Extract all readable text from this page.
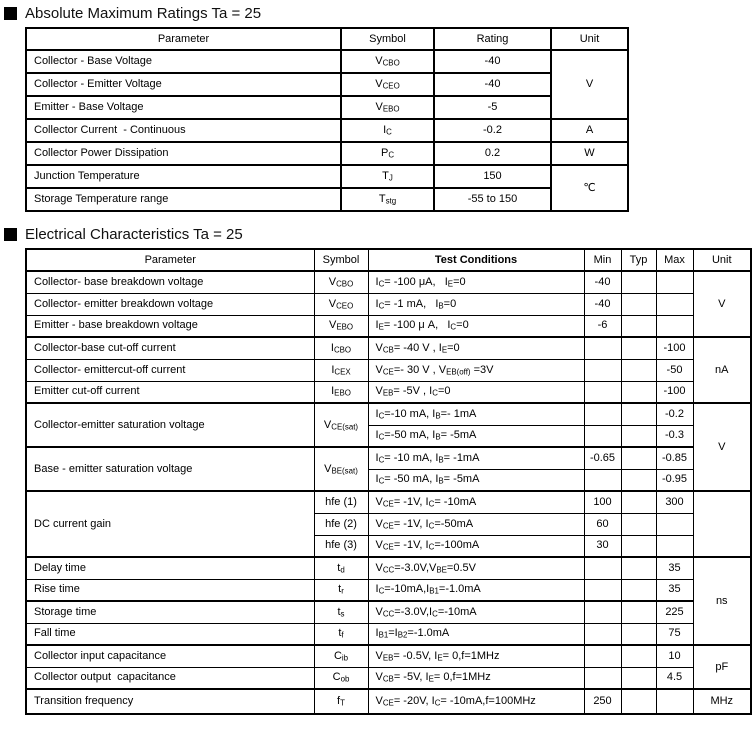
Absolute Maximum Ratings Ta = 25
Parameter	Symbol	Rating	Unit
Collector - Base Voltage	$V_{CBO}$	-40	V
Collector - Emitter Voltage	$V_{CEO}$	-40	
Emitter - Base Voltage	$V_{EBO}$	-5	
Collector Current  - Continuous	$I_C$	-0.2	A
Collector Power Dissipation	$P_C$	0.2	W
Junction Temperature	$T_J$	150	℃
Storage Temperature range	$T_{stg}$	-55 to 150	
Electrical Characteristics Ta = 25
Parameter	Symbol	Test Conditions	Min	Typ	Max	Unit
Collector- base breakdown voltage	$V_{CBO}$	$I_C= -100$ μA,   $I_E=0$	-40			V
Collector- emitter breakdown voltage	$V_{CEO}$	$I_C= -1$ mA,   $I_B=0$	-40			
Emitter - base breakdown voltage	$V_{EBO}$	$I_E= -100$ μ A,   $I_C=0$	-6			
Collector-base cut-off current	$I_{CBO}$	$V_{CB}= -40$ V , $I_E=0$			-100	nA
Collector- emittercut-off current	$I_{CEX}$	$V_{CE}=-$ 30 V , $V_{EB(off)} =3V$			-50	
Emitter cut-off current	$I_{EBO}$	$V_{EB}= -5V$ , $I_C=0$			-100	
Collector-emitter saturation voltage	$V_{CE(sat)}$	$I_C=-10$ mA, $I_B=-$ 1mA			-0.2	V
		$I_C=-50$ mA, $I_B= -5mA$			-0.3	
Base - emitter saturation voltage	$V_{BE(sat)}$	$I_C= -10$ mA, $I_B= -1mA$	-0.65		-0.85	
		$I_C= -50$ mA, $I_B= -5mA$			-0.95	
DC current gain	hfe (1)	$V_{CE}= -1V$, $I_C= -10mA$	100		300	
	hfe (2)	$V_{CE}= -1V$, $I_C=-50mA$	60			
	hfe (3)	$V_{CE}= -1V$, $I_C=-100mA$	30			
Delay time	$t_d$	$V_{CC}=-3.0V,V_{BE}=0.5V$			35	ns
Rise time	$t_r$	$I_C=-10mA,I_{B1}=-1.0mA$			35	
Storage time	$t_s$	$V_{CC}=-3.0V,I_C=-10mA$			225	
Fall time	$t_f$	$I_{B1}=I_{B2}=-1.0mA$			75	
Collector input capacitance	$C_{ib}$	$V_{EB}= -0.5V$, $I_E= 0,f=1MHz$			10	pF
Collector output  capacitance	$C_{ob}$	$V_{CB}= -5V$, $I_E= 0,f=1MHz$			4.5	
Transition frequency	$f_T$	$V_{CE}= -20V$, $I_C= -10mA,f=100MHz$	250			MHz
